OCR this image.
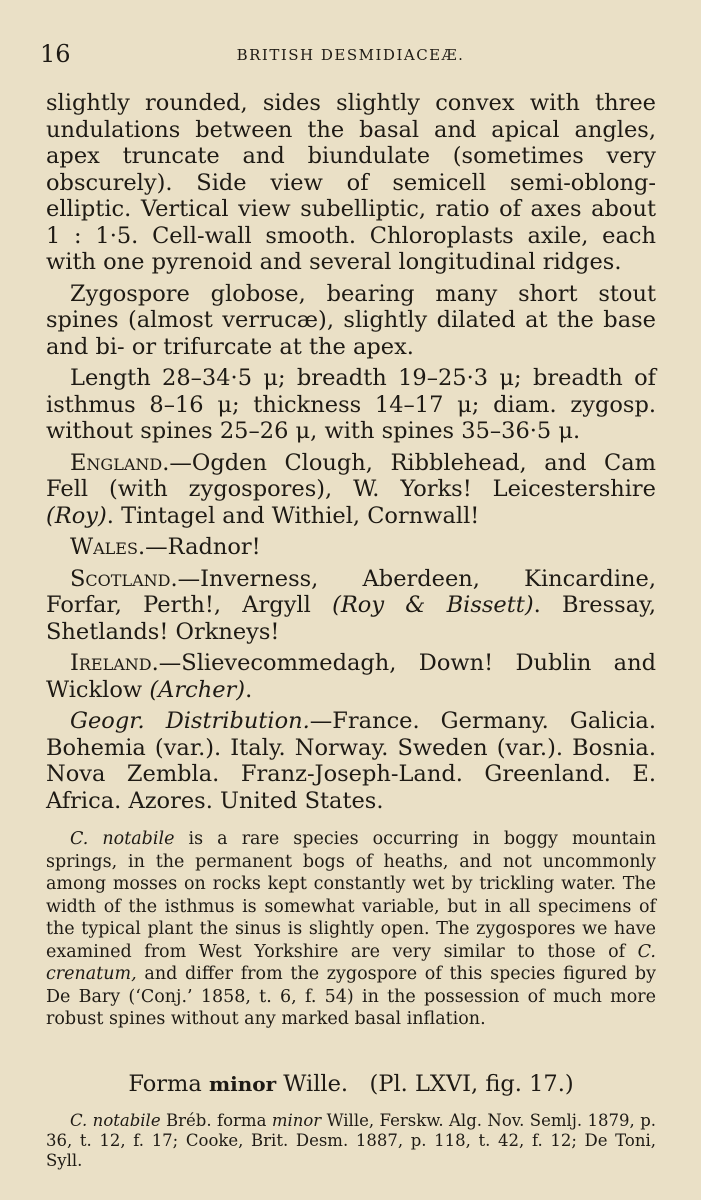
16	BRITISH DESMIDIACEÆ.

slightly rounded, sides slightly convex with three undulations between the basal and apical angles, apex truncate and biundulate (sometimes very obscurely). Side view of semicell semi-oblong-elliptic. Vertical view subelliptic, ratio of axes about 1 : 1·5. Cell-wall smooth. Chloroplasts axile, each with one pyrenoid and several longitudinal ridges.

Zygospore globose, bearing many short stout spines (almost verrucæ), slightly dilated at the base and bi- or trifurcate at the apex.

Length 28–34·5 μ; breadth 19–25·3 μ; breadth of isthmus 8–16 μ; thickness 14–17 μ; diam. zygosp. without spines 25–26 μ, with spines 35–36·5 μ.

England.—Ogden Clough, Ribblehead, and Cam Fell (with zygospores), W. Yorks! Leicestershire (Roy). Tintagel and Withiel, Cornwall!

Wales.—Radnor!

Scotland.—Inverness, Aberdeen, Kincardine, Forfar, Perth!, Argyll (Roy & Bissett). Bressay, Shetlands! Orkneys!

Ireland.—Slievecommedagh, Down! Dublin and Wicklow (Archer).

Geogr. Distribution.—France. Germany. Galicia. Bohemia (var.). Italy. Norway. Sweden (var.). Bosnia. Nova Zembla. Franz-Joseph-Land. Greenland. E. Africa. Azores. United States.

C. notabile is a rare species occurring in boggy mountain springs, in the permanent bogs of heaths, and not uncommonly among mosses on rocks kept constantly wet by trickling water. The width of the isthmus is somewhat variable, but in all specimens of the typical plant the sinus is slightly open. The zygospores we have examined from West Yorkshire are very similar to those of C. crenatum, and differ from the zygospore of this species figured by De Bary (‘Conj.’ 1858, t. 6, f. 54) in the possession of much more robust spines without any marked basal inflation.

Forma minor Wille. (Pl. LXVI, fig. 17.)

C. notabile Bréb. forma minor Wille, Ferskw. Alg. Nov. Semlj. 1879, p. 36, t. 12, f. 17; Cooke, Brit. Desm. 1887, p. 118, t. 42, f. 12; De Toni, Syll.
